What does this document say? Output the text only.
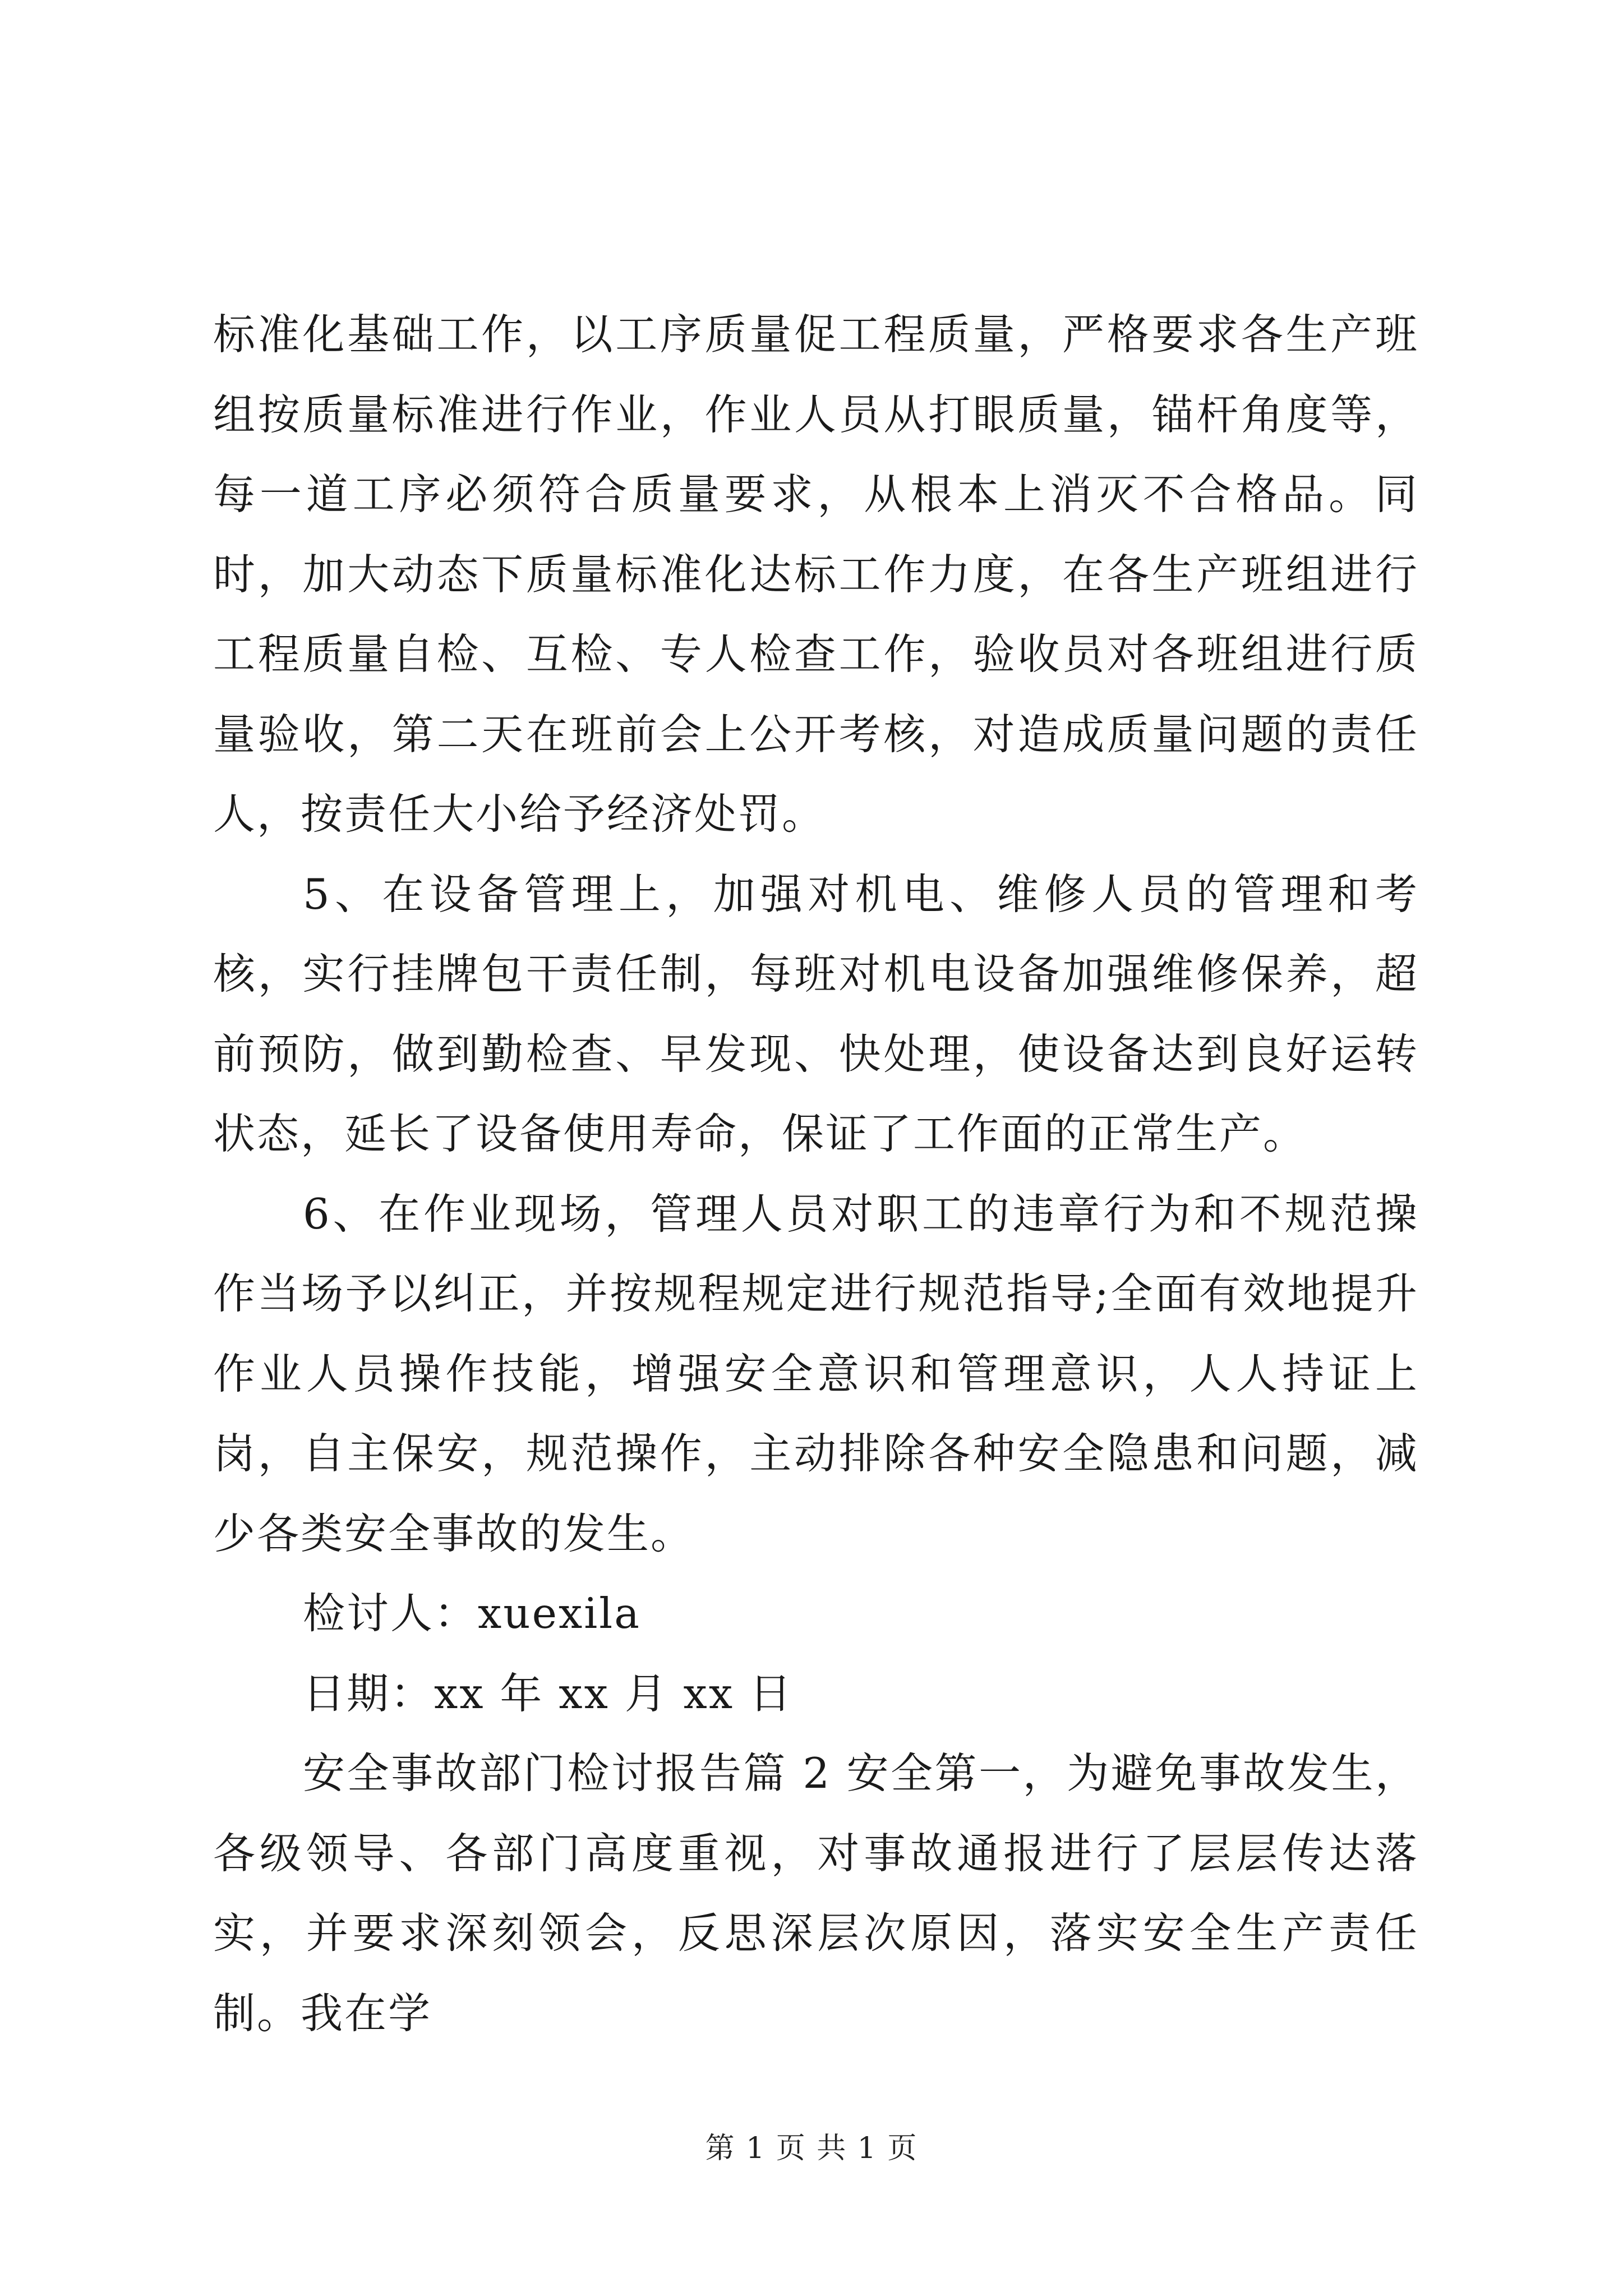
标准化基础工作，以工序质量促工程质量，严格要求各生产班组按质量标准进行作业，作业人员从打眼质量，锚杆角度等，每一道工序必须符合质量要求，从根本上消灭不合格品。同时，加大动态下质量标准化达标工作力度，在各生产班组进行工程质量自检、互检、专人检查工作，验收员对各班组进行质量验收，第二天在班前会上公开考核，对造成质量问题的责任人，按责任大小给予经济处罚。

5、在设备管理上，加强对机电、维修人员的管理和考核，实行挂牌包干责任制，每班对机电设备加强维修保养，超前预防，做到勤检查、早发现、快处理，使设备达到良好运转状态，延长了设备使用寿命，保证了工作面的正常生产。

6、在作业现场，管理人员对职工的违章行为和不规范操作当场予以纠正，并按规程规定进行规范指导;全面有效地提升作业人员操作技能，增强安全意识和管理意识，人人持证上岗，自主保安，规范操作，主动排除各种安全隐患和问题，减少各类安全事故的发生。

检讨人：xuexila

日期：xx 年 xx 月 xx 日

安全事故部门检讨报告篇 2 安全第一，为避免事故发生，各级领导、各部门高度重视，对事故通报进行了层层传达落实，并要求深刻领会，反思深层次原因，落实安全生产责任制。我在学

第 1 页 共 1 页
